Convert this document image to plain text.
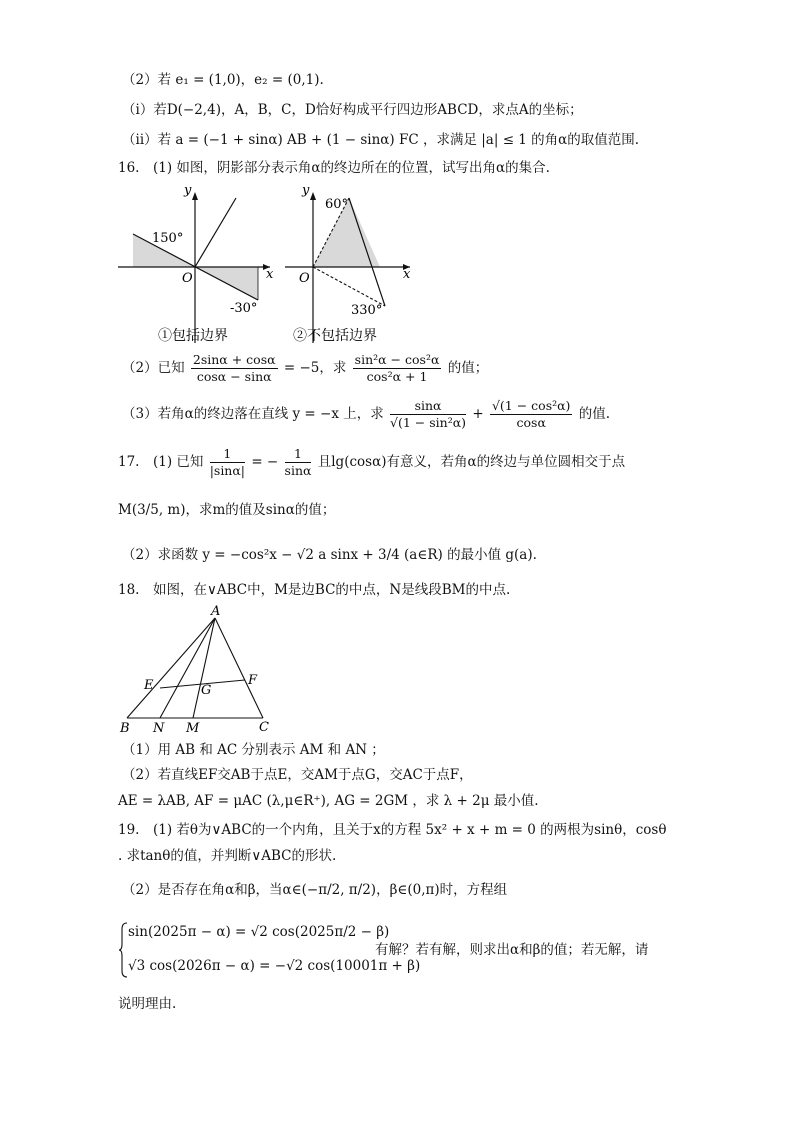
（2）若 e₁ = (1,0)，e₂ = (0,1).
（ⅰ）若D(−2,4)，A，B，C，D恰好构成平行四边形ABCD，求点A的坐标；
（ⅱ）若 a = (−1 + sinα) AB + (1 − sinα) FC ，求满足 |a| ≤ 1 的角α的取值范围.
16.　(1) 如图，阴影部分表示角α的终边所在的位置，试写出角α的集合.
y
x
O
150°
-30°
①包括边界
y
x
O
60°
330°
②不包括边界
（2）已知 $\frac{2\sin\alpha + \cos\alpha}{\cos\alpha - \sin\alpha} = -5$，求 $\frac{\text{sin²α − cos²α}}{\text{cos²α + 1}}$ 的值；
（3）若角α的终边落在直线 y = −x 上，求 $\frac{\sin\alpha}{\text{√(1 − sin²α)}} + \frac{\text{√(1 − cos²α)}}{\cos\alpha}$ 的值.
17.　(1) 已知 $\frac{1}{|\sin\alpha|}$ = − $\frac{1}{\sin\alpha}$ 且lg(cosα)有意义，若角α的终边与单位圆相交于点
M(3/5, m)，求m的值及sinα的值；
（2）求函数 y = −cos²x − √2 a sinx + 3/4 (a∈R) 的最小值 g(a).
18.　如图，在∨ABC中，M是边BC的中点，N是线段BM的中点.
A
B	C
E	F
G
N M
（1）用 AB 和 AC 分别表示 AM 和 AN ；
（2）若直线EF交AB于点E，交AM于点G，交AC于点F，
AE = λAB, AF = μAC (λ,μ∈R⁺), AG = 2GM ，求 λ + 2μ 最小值.
19.　(1) 若θ为∨ABC的一个内角，且关于x的方程 5x² + x + m = 0 的两根为sinθ，cosθ
. 求tanθ的值，并判断∨ABC的形状.
（2）是否存在角α和β，当α∈(−π/2, π/2)，β∈(0,π)时，方程组
sin(2025π − α) = √2 cos(2025π/2 − β)
√3 cos(2026π − α) = −√2 cos(10001π + β)
有解？若有解，则求出α和β的值；若无解，请
说明理由.
